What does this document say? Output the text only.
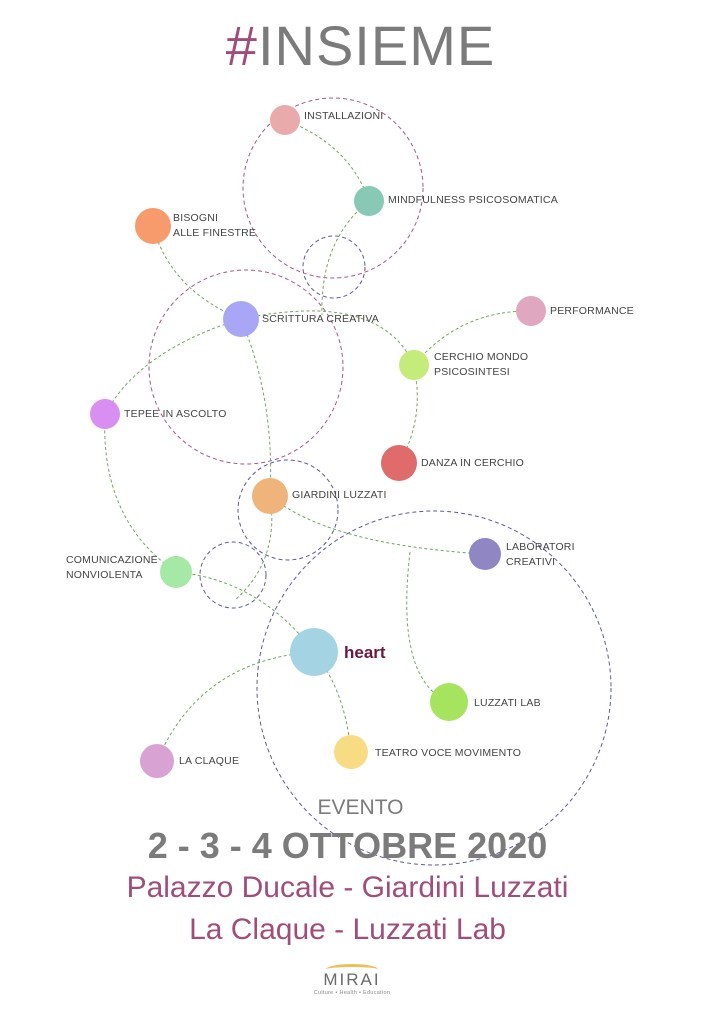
#INSIEME
INSTALLAZIONI
MINDFULNESS PSICOSOMATICA
BISOGNI
ALLE FINESTRE
PERFORMANCE
SCRITTURA CREATIVA
CERCHIO MONDO
PSICOSINTESI
TEPEE IN ASCOLTO
DANZA IN CERCHIO
GIARDINI LUZZATI
LABORATORI
CREATIVI
COMUNICAZIONE
NONVIOLENTA
heart
LUZZATI LAB
LA CLAQUE
TEATRO VOCE MOVIMENTO
EVENTO
2 - 3 - 4 OTTOBRE 2020
Palazzo Ducale - Giardini Luzzati
La Claque - Luzzati Lab
MIRAI
Culture • Health • Education
